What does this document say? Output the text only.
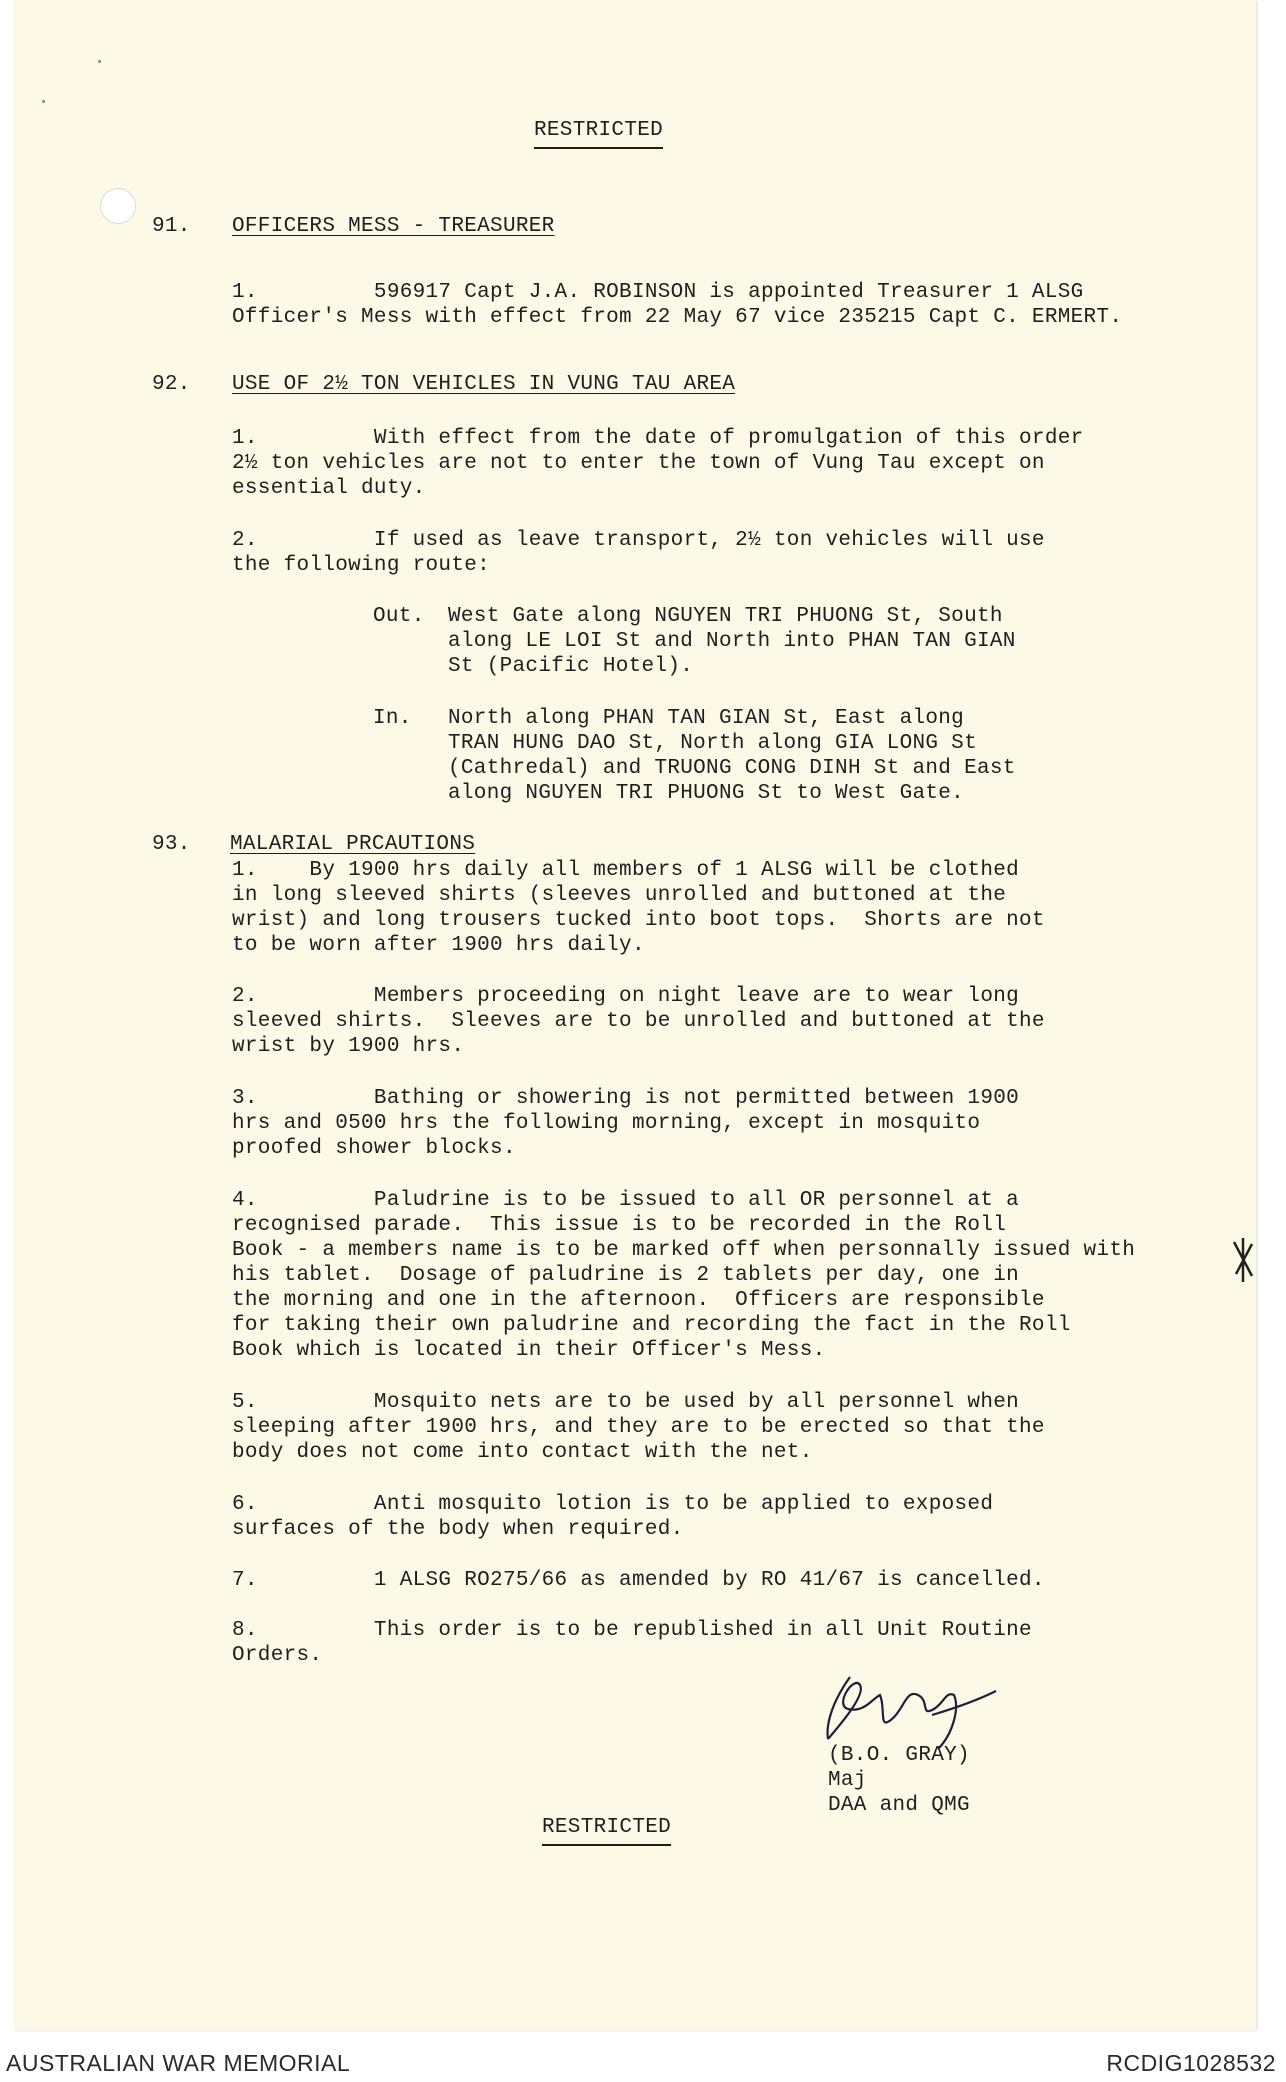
RESTRICTED
91. OFFICERS MESS - TREASURER
1.         596917 Capt J.A. ROBINSON is appointed Treasurer 1 ALSG
Officer's Mess with effect from 22 May 67 vice 235215 Capt C. ERMERT.
92. USE OF 2½ TON VEHICLES IN VUNG TAU AREA
1.         With effect from the date of promulgation of this order
2½ ton vehicles are not to enter the town of Vung Tau except on
essential duty.
2.         If used as leave transport, 2½ ton vehicles will use
the following route:
Out. West Gate along NGUYEN TRI PHUONG St, South
along LE LOI St and North into PHAN TAN GIAN
St (Pacific Hotel).
In. North along PHAN TAN GIAN St, East along
TRAN HUNG DAO St, North along GIA LONG St
(Cathredal) and TRUONG CONG DINH St and East
along NGUYEN TRI PHUONG St to West Gate.
93. MALARIAL PRCAUTIONS
1.    By 1900 hrs daily all members of 1 ALSG will be clothed
in long sleeved shirts (sleeves unrolled and buttoned at the
wrist) and long trousers tucked into boot tops.  Shorts are not
to be worn after 1900 hrs daily.
2.         Members proceeding on night leave are to wear long
sleeved shirts.  Sleeves are to be unrolled and buttoned at the
wrist by 1900 hrs.
3.         Bathing or showering is not permitted between 1900
hrs and 0500 hrs the following morning, except in mosquito
proofed shower blocks.
4.         Paludrine is to be issued to all OR personnel at a
recognised parade.  This issue is to be recorded in the Roll
Book - a members name is to be marked off when personnally issued with
his tablet.  Dosage of paludrine is 2 tablets per day, one in
the morning and one in the afternoon.  Officers are responsible
for taking their own paludrine and recording the fact in the Roll
Book which is located in their Officer's Mess.
5.         Mosquito nets are to be used by all personnel when
sleeping after 1900 hrs, and they are to be erected so that the
body does not come into contact with the net.
6.         Anti mosquito lotion is to be applied to exposed
surfaces of the body when required.
7.         1 ALSG RO275/66 as amended by RO 41/67 is cancelled.
8.         This order is to be republished in all Unit Routine
Orders.
(B.O. GRAY)
Maj
DAA and QMG
RESTRICTED
AUSTRALIAN WAR MEMORIAL	RCDIG1028532
